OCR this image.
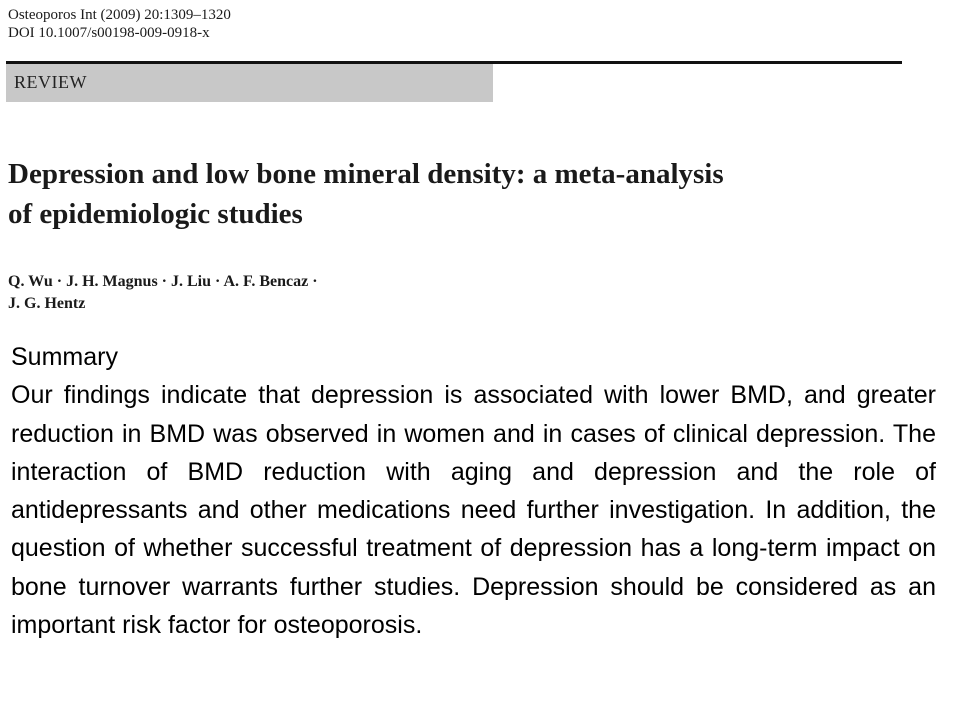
Osteoporos Int (2009) 20:1309–1320
DOI 10.1007/s00198-009-0918-x
REVIEW
Depression and low bone mineral density: a meta-analysis
of epidemiologic studies
Q. Wu · J. H. Magnus · J. Liu · A. F. Bencaz ·
J. G. Hentz
Summary

Our findings indicate that depression is associated with lower BMD, and greater reduction in BMD was observed in women and in cases of clinical depression. The interaction of BMD reduction with aging and depression and the role of antidepressants and other medications need further investigation. In addition, the question of whether successful treatment of depression has a long-term impact on bone turnover warrants further studies. Depression should be considered as an important risk factor for osteoporosis.
